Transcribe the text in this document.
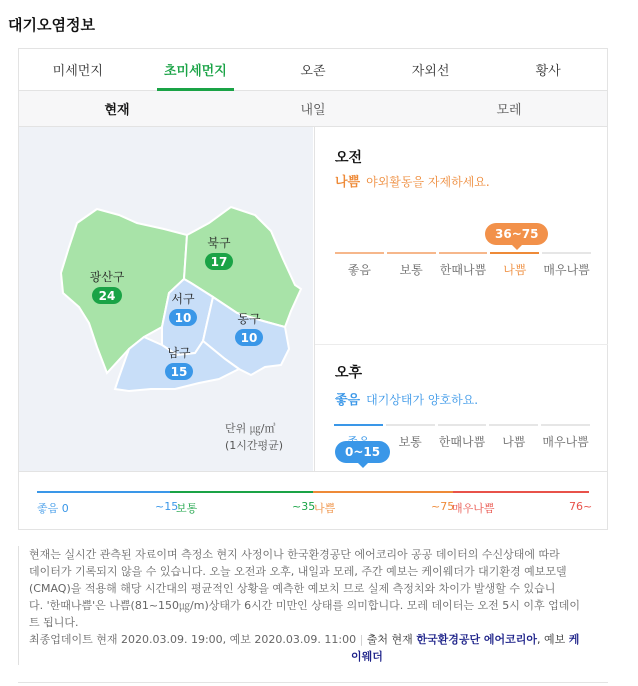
대기오염정보
미세먼지	초미세먼지	오존	자외선	황사
현재	내일	모레
광산구
24
북구
17
서구
10	동구
10
남구
15
단위 ㎍/㎥
(1시간평균)
오전
나쁨 야외활동을 자제하세요.
36~75
좋음	보통	한때나쁨	나쁨	매우나쁨
오후
좋음 대기상태가 양호하요.
0~15
좋음 0	~15
보통	~35
나쁨	~75
매우나쁨	76~
좋음	보통	한때나쁨	나쁨	매우나쁨

현재는 실시간 관측된 자료이며 측정소 현지 사정이나 한국환경공단 에어코리아 공공 데이터의 수신상태에 따라

데이터가 기록되지 않을 수 있습니다. 오늘 오전과 오후, 내일과 모레, 주간 예보는 케이웨더가 대기환경 예보모델

(CMAQ)을 적용해 해당 시간대의 평균적인 상황을 예측한 예보치 므로 실제 측정치와 차이가 발생할 수 있습니

다. '한때나쁨'은 나쁨(81~150㎍/m)상태가 6시간 미만인 상태를 의미합니다. 모레 데이터는 오전 5시 이후 업데이

트 됩니다.

최종업데이트 현재 2020.03.09. 19:00, 예보 2020.03.09. 11:00 | 출처 현재 한국환경공단 에어코리아, 예보 케

이웨더
